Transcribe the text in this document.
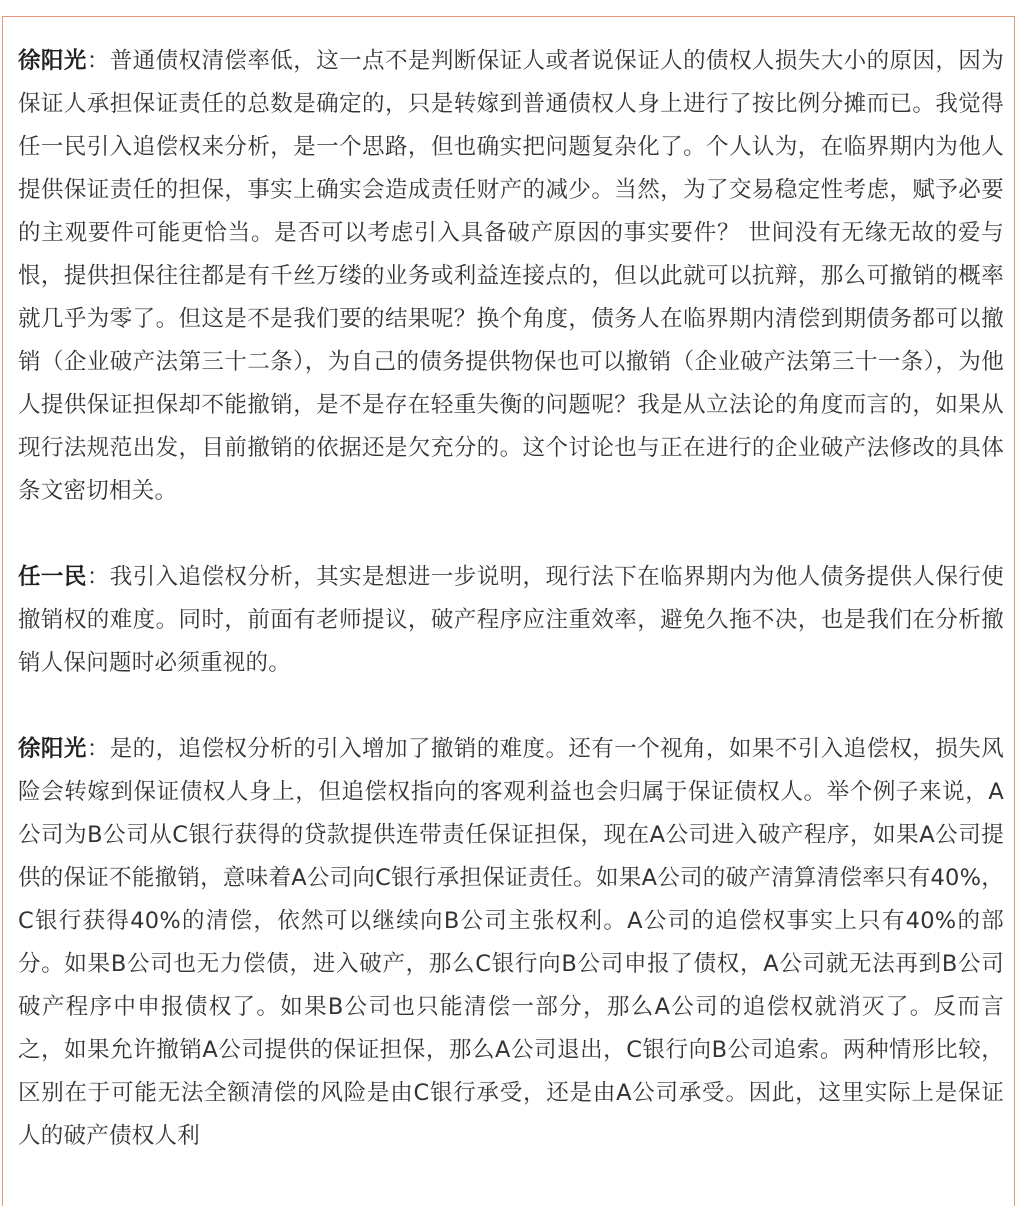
徐阳光：普通债权清偿率低，这一点不是判断保证人或者说保证人的债权人损失大小的原因，因为保证人承担保证责任的总数是确定的，只是转嫁到普通债权人身上进行了按比例分摊而已。我觉得任一民引入追偿权来分析，是一个思路，但也确实把问题复杂化了。个人认为，在临界期内为他人提供保证责任的担保，事实上确实会造成责任财产的减少。当然，为了交易稳定性考虑，赋予必要的主观要件可能更恰当。是否可以考虑引入具备破产原因的事实要件？ 世间没有无缘无故的爱与恨，提供担保往往都是有千丝万缕的业务或利益连接点的，但以此就可以抗辩，那么可撤销的概率就几乎为零了。但这是不是我们要的结果呢？换个角度，债务人在临界期内清偿到期债务都可以撤销（企业破产法第三十二条），为自己的债务提供物保也可以撤销（企业破产法第三十一条），为他人提供保证担保却不能撤销，是不是存在轻重失衡的问题呢？我是从立法论的角度而言的，如果从现行法规范出发，目前撤销的依据还是欠充分的。这个讨论也与正在进行的企业破产法修改的具体条文密切相关。

任一民：我引入追偿权分析，其实是想进一步说明，现行法下在临界期内为他人债务提供人保行使撤销权的难度。同时，前面有老师提议，破产程序应注重效率，避免久拖不决，也是我们在分析撤销人保问题时必须重视的。

徐阳光：是的，追偿权分析的引入增加了撤销的难度。还有一个视角，如果不引入追偿权，损失风险会转嫁到保证债权人身上，但追偿权指向的客观利益也会归属于保证债权人。举个例子来说，A公司为B公司从C银行获得的贷款提供连带责任保证担保，现在A公司进入破产程序，如果A公司提供的保证不能撤销，意味着A公司向C银行承担保证责任。如果A公司的破产清算清偿率只有40%，C银行获得40%的清偿，依然可以继续向B公司主张权利。A公司的追偿权事实上只有40%的部分。如果B公司也无力偿债，进入破产，那么C银行向B公司申报了债权，A公司就无法再到B公司破产程序中申报债权了。如果B公司也只能清偿一部分，那么A公司的追偿权就消灭了。反而言之，如果允许撤销A公司提供的保证担保，那么A公司退出，C银行向B公司追索。两种情形比较，区别在于可能无法全额清偿的风险是由C银行承受，还是由A公司承受。因此，这里实际上是保证人的破产债权人利
